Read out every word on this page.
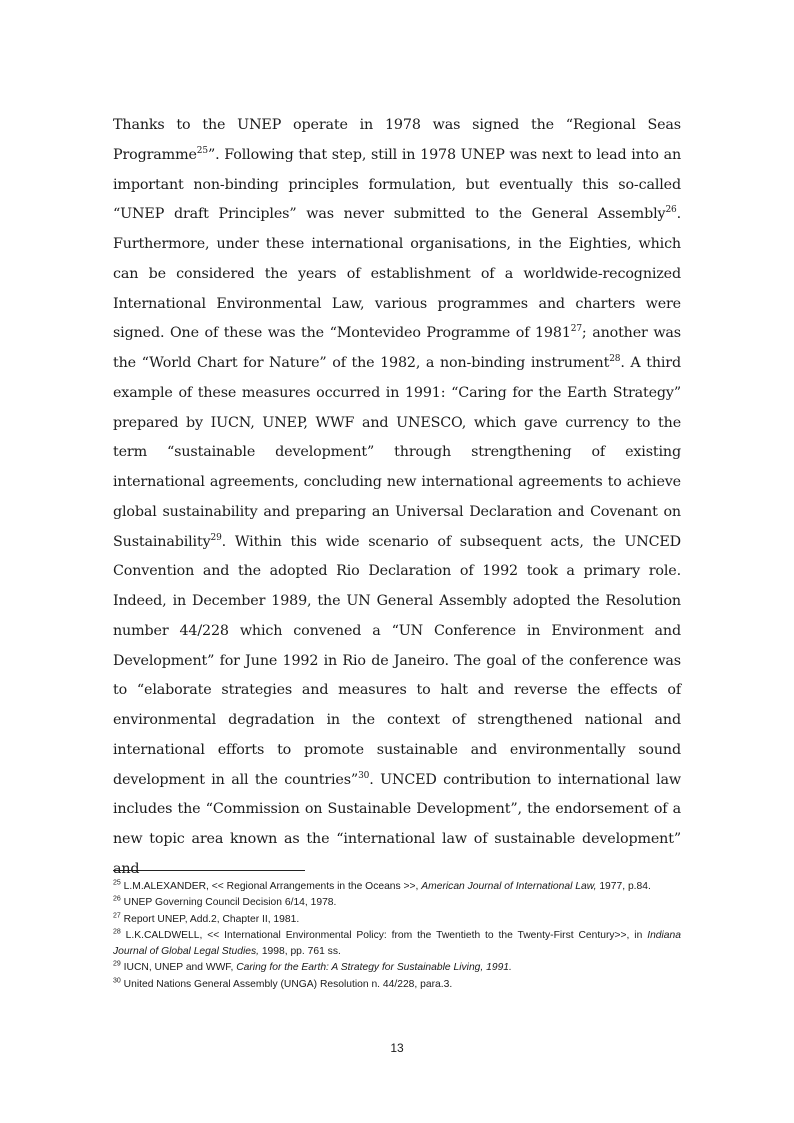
Thanks to the UNEP operate in 1978 was signed the “Regional Seas Programme$^{25}$”. Following that step, still in 1978 UNEP was next to lead into an important non-binding principles formulation, but eventually this so-called “UNEP draft Principles” was never submitted to the General Assembly$^{26}$. Furthermore, under these international organisations, in the Eighties, which can be considered the years of establishment of a worldwide-recognized International Environmental Law, various programmes and charters were signed. One of these was the “Montevideo Programme of 1981$^{27}$; another was the “World Chart for Nature” of the 1982, a non-binding instrument$^{28}$. A third example of these measures occurred in 1991: “Caring for the Earth Strategy” prepared by IUCN, UNEP, WWF and UNESCO, which gave currency to the term “sustainable development” through strengthening of existing international agreements, concluding new international agreements to achieve global sustainability and preparing an Universal Declaration and Covenant on Sustainability$^{29}$. Within this wide scenario of subsequent acts, the UNCED Convention and the adopted Rio Declaration of 1992 took a primary role. Indeed, in December 1989, the UN General Assembly adopted the Resolution number 44/228 which convened a “UN Conference in Environment and Development” for June 1992 in Rio de Janeiro. The goal of the conference was to “elaborate strategies and measures to halt and reverse the effects of environmental degradation in the context of strengthened national and international efforts to promote sustainable and environmentally sound development in all the countries”$^{30}$. UNCED contribution to international law includes the “Commission on Sustainable Development”, the endorsement of a new topic area known as the “international law of sustainable development” and

$^{25}$ L.M.ALEXANDER, << Regional Arrangements in the Oceans >>, American Journal of International Law, 1977, p.84.

$^{26}$ UNEP Governing Council Decision 6/14, 1978.

$^{27}$ Report UNEP, Add.2, Chapter II, 1981.

$^{28}$ L.K.CALDWELL, << International Environmental Policy: from the Twentieth to the Twenty-First Century>>, in Indiana Journal of Global Legal Studies, 1998, pp. 761 ss.

$^{29}$ IUCN, UNEP and WWF, Caring for the Earth: A Strategy for Sustainable Living, 1991.

$^{30}$ United Nations General Assembly (UNGA) Resolution n. 44/228, para.3.

13
